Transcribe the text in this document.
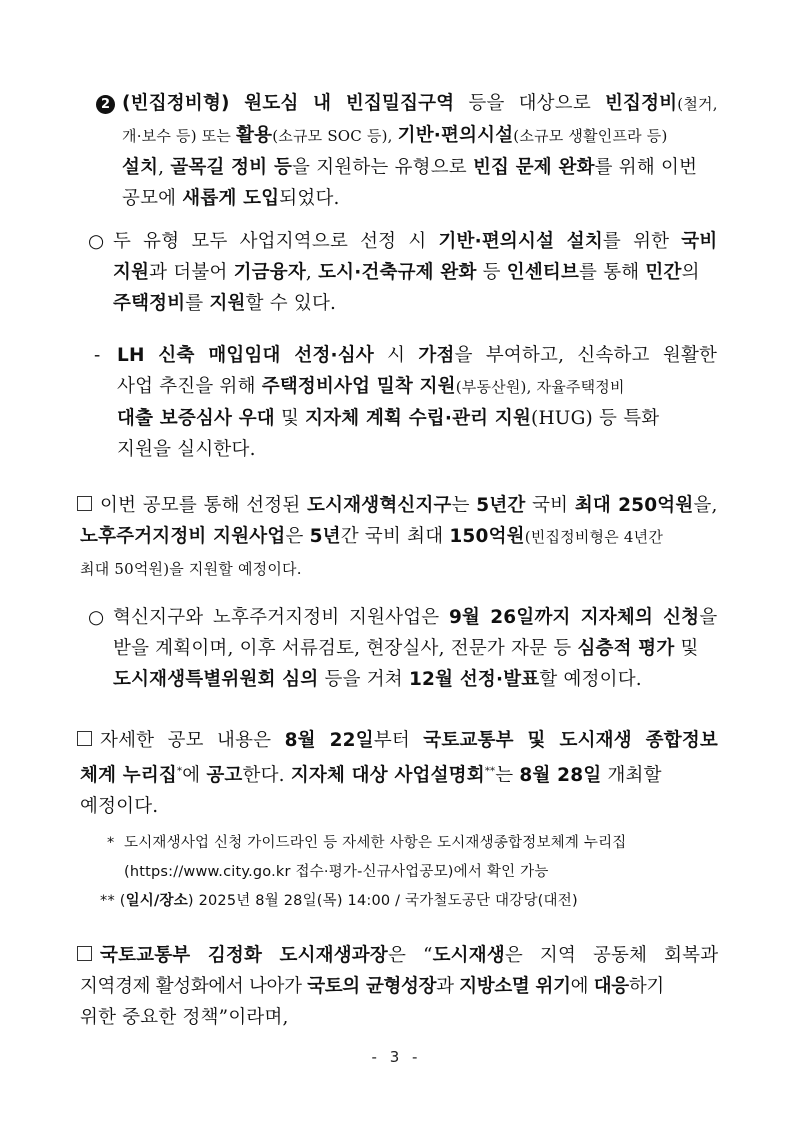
2 (빈집정비형) 원도심 내 빈집밀집구역 등을 대상으로 빈집정비(철거,
개·보수 등) 또는 활용(소규모 SOC 등), 기반·편의시설(소규모 생활인프라 등)
설치, 골목길 정비 등을 지원하는 유형으로 빈집 문제 완화를 위해 이번
공모에 새롭게 도입되었다.
○ 두 유형 모두 사업지역으로 선정 시 기반·편의시설 설치를 위한 국비
지원과 더불어 기금융자, 도시·건축규제 완화 등 인센티브를 통해 민간의
주택정비를 지원할 수 있다.
- LH 신축 매입임대 선정·심사 시 가점을 부여하고, 신속하고 원활한
사업 추진을 위해 주택정비사업 밀착 지원(부동산원), 자율주택정비
대출 보증심사 우대 및 지자체 계획 수립·관리 지원(HUG) 등 특화
지원을 실시한다.
이번 공모를 통해 선정된 도시재생혁신지구는 5년간 국비 최대 250억원을,
노후주거지정비 지원사업은 5년간 국비 최대 150억원(빈집정비형은 4년간
최대 50억원)을 지원할 예정이다.
○ 혁신지구와 노후주거지정비 지원사업은 9월 26일까지 지자체의 신청을
받을 계획이며, 이후 서류검토, 현장실사, 전문가 자문 등 심층적 평가 및
도시재생특별위원회 심의 등을 거쳐 12월 선정·발표할 예정이다.
자세한 공모 내용은 8월 22일부터 국토교통부 및 도시재생 종합정보
체계 누리집*에 공고한다. 지자체 대상 사업설명회**는 8월 28일 개최할
예정이다.
* 도시재생사업 신청 가이드라인 등 자세한 사항은 도시재생종합정보체계 누리집
(https://www.city.go.kr 접수·평가-신규사업공모)에서 확인 가능
** (일시/장소) 2025년 8월 28일(목) 14:00 / 국가철도공단 대강당(대전)
국토교통부 김정화 도시재생과장은 “도시재생은 지역 공동체 회복과
지역경제 활성화에서 나아가 국토의 균형성장과 지방소멸 위기에 대응하기
위한 중요한 정책”이라며,
- 3 -
